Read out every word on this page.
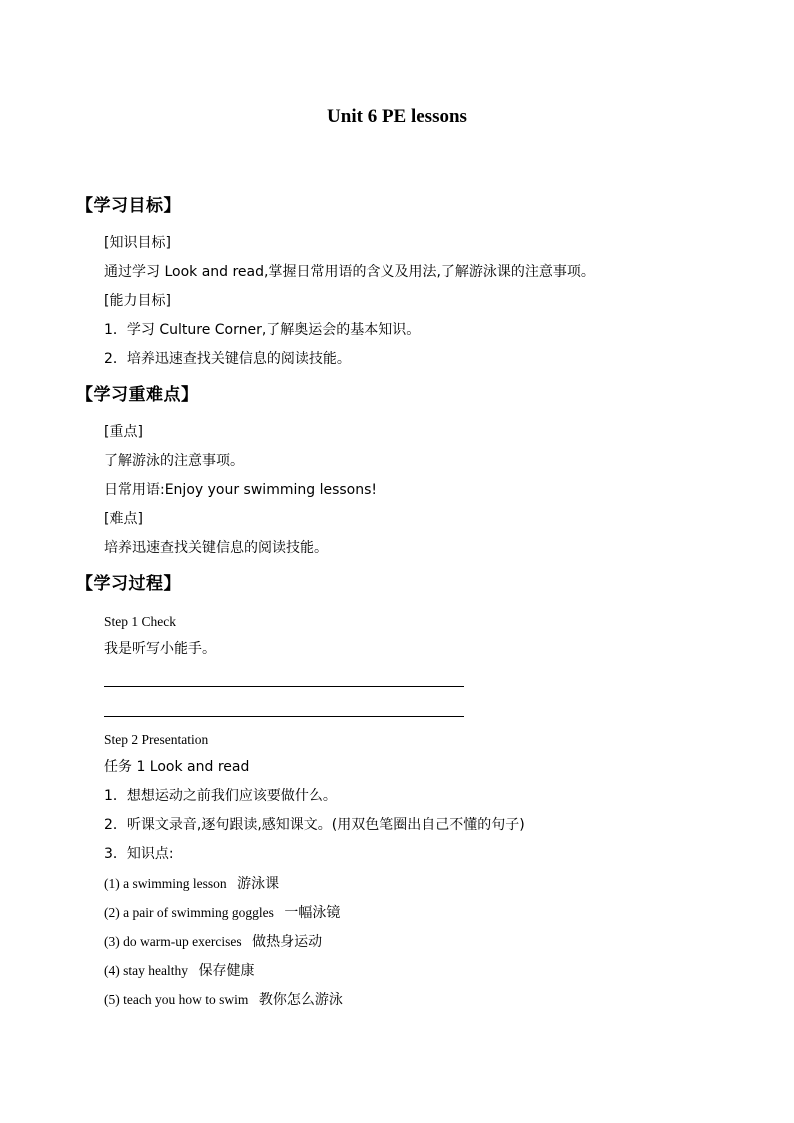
Unit 6 PE lessons
【学习目标】
[知识目标]
通过学习 Look and read,掌握日常用语的含义及用法,了解游泳课的注意事项。
[能力目标]
1．学习 Culture Corner,了解奥运会的基本知识。
2．培养迅速查找关键信息的阅读技能。
【学习重难点】
[重点]
了解游泳的注意事项。
日常用语:Enjoy your swimming lessons!
[难点]
培养迅速查找关键信息的阅读技能。
【学习过程】
Step 1 Check
我是听写小能手。
Step 2 Presentation
任务 1 Look and read
1．想想运动之前我们应该要做什么。
2．听课文录音,逐句跟读,感知课文。(用双色笔圈出自己不懂的句子)
3．知识点:
(1) a swimming lesson 游泳课
(2) a pair of swimming goggles 一幅泳镜
(3) do warm-up exercises 做热身运动
(4) stay healthy 保存健康
(5) teach you how to swim 教你怎么游泳
